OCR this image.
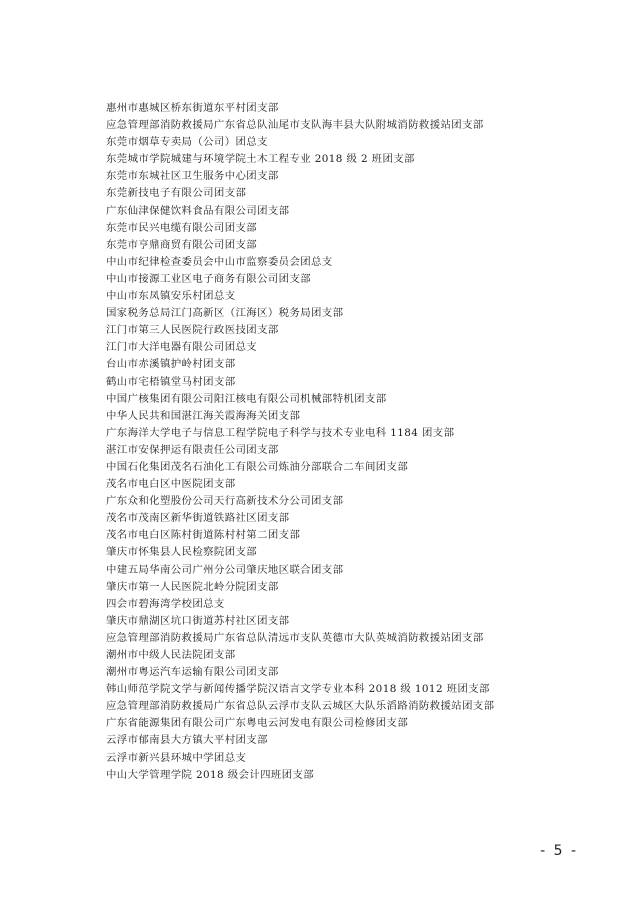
惠州市惠城区桥东街道东平村团支部
应急管理部消防救援局广东省总队汕尾市支队海丰县大队附城消防救援站团支部
东莞市烟草专卖局（公司）团总支
东莞城市学院城建与环境学院土木工程专业 2018 级 2 班团支部
东莞市东城社区卫生服务中心团支部
东莞新技电子有限公司团支部
广东仙津保健饮料食品有限公司团支部
东莞市民兴电缆有限公司团支部
东莞市亨鼎商贸有限公司团支部
中山市纪律检查委员会中山市监察委员会团总支
中山市接源工业区电子商务有限公司团支部
中山市东凤镇安乐村团总支
国家税务总局江门高新区（江海区）税务局团支部
江门市第三人民医院行政医技团支部
江门市大洋电器有限公司团总支
台山市赤溪镇护岭村团支部
鹤山市宅梧镇堂马村团支部
中国广核集团有限公司阳江核电有限公司机械部特机团支部
中华人民共和国湛江海关霞海海关团支部
广东海洋大学电子与信息工程学院电子科学与技术专业电科 1184 团支部
湛江市安保押运有限责任公司团支部
中国石化集团茂名石油化工有限公司炼油分部联合二车间团支部
茂名市电白区中医院团支部
广东众和化塑股份公司天行高新技术分公司团支部
茂名市茂南区新华街道铁路社区团支部
茂名市电白区陈村街道陈村村第二团支部
肇庆市怀集县人民检察院团支部
中建五局华南公司广州分公司肇庆地区联合团支部
肇庆市第一人民医院北岭分院团支部
四会市碧海湾学校团总支
肇庆市鼎湖区坑口街道苏村社区团支部
应急管理部消防救援局广东省总队清远市支队英德市大队英城消防救援站团支部
潮州市中级人民法院团支部
潮州市粤运汽车运输有限公司团支部
韩山师范学院文学与新闻传播学院汉语言文学专业本科 2018 级 1012 班团支部
应急管理部消防救援局广东省总队云浮市支队云城区大队乐滔路消防救援站团支部
广东省能源集团有限公司广东粤电云河发电有限公司检修团支部
云浮市郁南县大方镇大平村团支部
云浮市新兴县环城中学团总支
中山大学管理学院 2018 级会计四班团支部
- 5 -
